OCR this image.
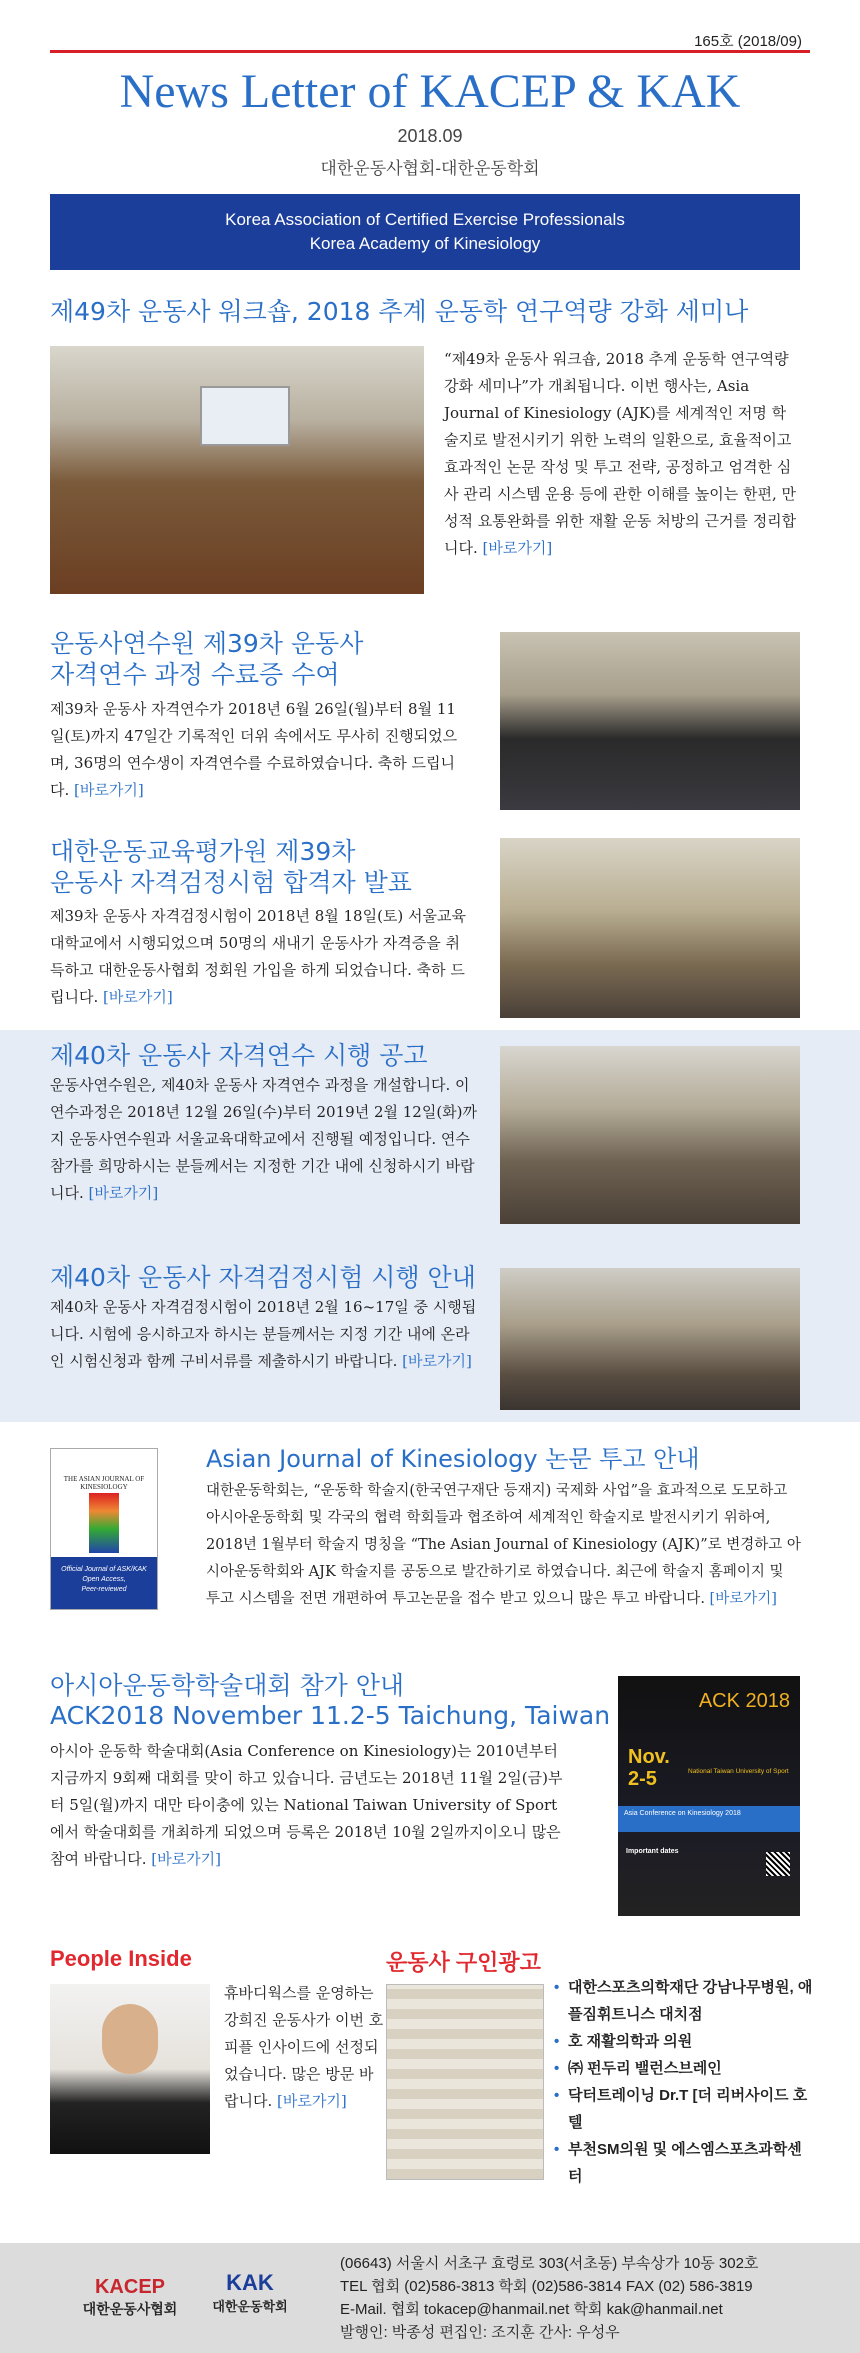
165호 (2018/09)
News Letter of KACEP & KAK
2018.09
대한운동사협회-대한운동학회
Korea Association of Certified Exercise Professionals
Korea Academy of Kinesiology
제49차 운동사 워크숍, 2018 추계 운동학 연구역량 강화 세미나
“제49차 운동사 워크숍, 2018 추계 운동학 연구역량 강화 세미나”가 개최됩니다. 이번 행사는, Asia Journal of Kinesiology (AJK)를 세계적인 저명 학술지로 발전시키기 위한 노력의 일환으로, 효율적이고 효과적인 논문 작성 및 투고 전략, 공정하고 엄격한 심사 관리 시스템 운용 등에 관한 이해를 높이는 한편, 만성적 요통완화를 위한 재활 운동 처방의 근거를 정리합니다. [바로가기]
운동사연수원 제39차 운동사
자격연수 과정 수료증 수여
제39차 운동사 자격연수가 2018년 6월 26일(월)부터 8월 11일(토)까지 47일간 기록적인 더위 속에서도 무사히 진행되었으며, 36명의 연수생이 자격연수를 수료하였습니다. 축하 드립니다. [바로가기]
대한운동교육평가원 제39차
운동사 자격검정시험 합격자 발표
제39차 운동사 자격검정시험이 2018년 8월 18일(토) 서울교육대학교에서 시행되었으며 50명의 새내기 운동사가 자격증을 취득하고 대한운동사협회 정회원 가입을 하게 되었습니다. 축하 드립니다. [바로가기]
제40차 운동사 자격연수 시행 공고
운동사연수원은, 제40차 운동사 자격연수 과정을 개설합니다. 이 연수과정은 2018년 12월 26일(수)부터 2019년 2월 12일(화)까지 운동사연수원과 서울교육대학교에서 진행될 예정입니다. 연수 참가를 희망하시는 분들께서는 지정한 기간 내에 신청하시기 바랍니다. [바로가기]
제40차 운동사 자격검정시험 시행 안내
제40차 운동사 자격검정시험이 2018년 2월 16~17일 중 시행됩니다. 시험에 응시하고자 하시는 분들께서는 지정 기간 내에 온라인 시험신청과 함께 구비서류를 제출하시기 바랍니다. [바로가기]
THE ASIAN JOURNAL OF KINESIOLOGY
Official Journal of ASK/KAK
Open Access,
Peer-reviewed
Asian Journal of Kinesiology 논문 투고 안내
대한운동학회는, “운동학 학술지(한국연구재단 등재지) 국제화 사업”을 효과적으로 도모하고 아시아운동학회 및 각국의 협력 학회들과 협조하여 세계적인 학술지로 발전시키기 위하여, 2018년 1월부터 학술지 명칭을 “The Asian Journal of Kinesiology (AJK)”로 변경하고 아시아운동학회와 AJK 학술지를 공동으로 발간하기로 하였습니다. 최근에 학술지 홈페이지 및 투고 시스템을 전면 개편하여 투고논문을 접수 받고 있으니 많은 투고 바랍니다. [바로가기]
아시아운동학학술대회 참가 안내
ACK2018 November 11.2-5 Taichung, Taiwan
아시아 운동학 학술대회(Asia Conference on Kinesiology)는 2010년부터 지금까지 9회째 대회를 맞이 하고 있습니다. 금년도는 2018년 11월 2일(금)부터 5일(월)까지 대만 타이충에 있는 National Taiwan University of Sport에서 학술대회를 개최하게 되었으며 등록은 2018년 10월 2일까지이오니 많은 참여 바랍니다. [바로가기]
ACK 2018
Nov.
2-5	National Taiwan University of Sport
Asia Conference on Kinesiology 2018
Important dates
People Inside
휴바디웍스를 운영하는 강희진 운동사가 이번 호 피플 인사이드에 선정되었습니다. 많은 방문 바랍니다. [바로가기]
운동사 구인광고
• 대한스포츠의학재단 강남나무병원, 애플짐휘트니스 대치점
• 호 재활의학과 의원
• ㈜ 펀두리 밸런스브레인
• 닥터트레이닝 Dr.T [더 리버사이드 호텔
• 부천SM의원 및 에스엠스포츠과학센터
KACEP
대한운동사협회
KAK
대한운동학회
(06643) 서울시 서초구 효령로 303(서초동) 부속상가 10동 302호
TEL 협회 (02)586-3813 학회 (02)586-3814 FAX (02) 586-3819
E-Mail. 협회 tokacep@hanmail.net 학회 kak@hanmail.net
발행인: 박종성 편집인: 조지훈 간사: 우성우
